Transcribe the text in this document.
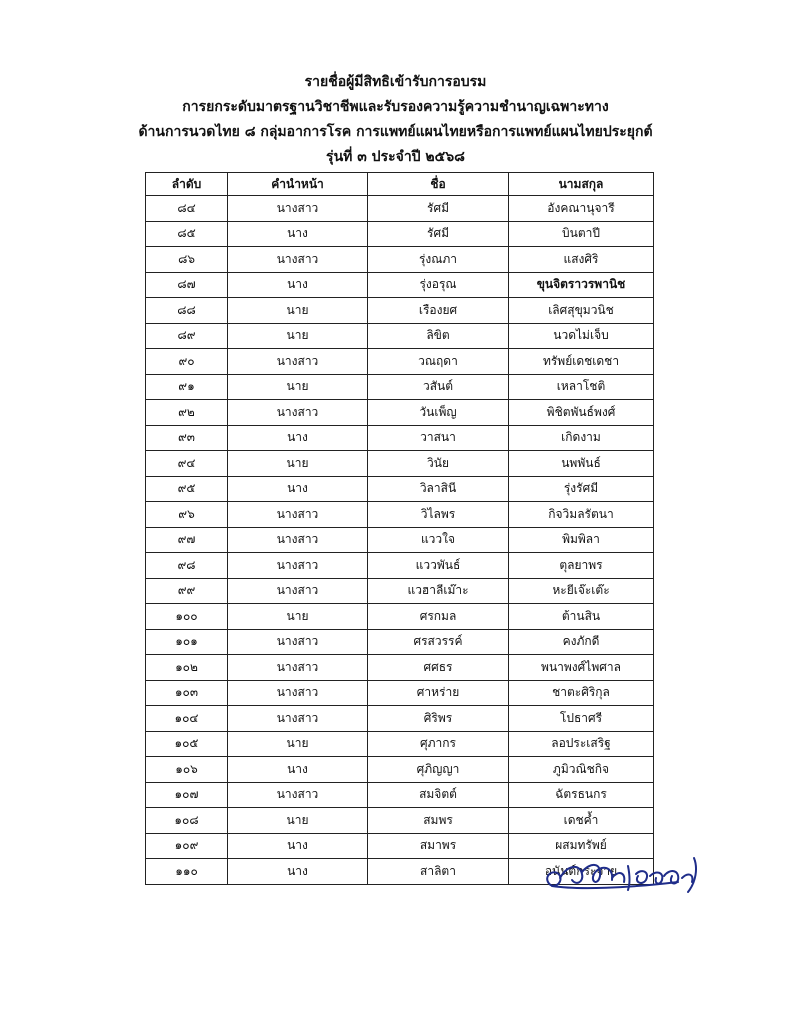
รายชื่อผู้มีสิทธิเข้ารับการอบรม
การยกระดับมาตรฐานวิชาชีพและรับรองความรู้ความชำนาญเฉพาะทาง
ด้านการนวดไทย ๘ กลุ่มอาการโรค การแพทย์แผนไทยหรือการแพทย์แผนไทยประยุกต์
รุ่นที่ ๓ ประจำปี ๒๕๖๘
ลำดับ	คำนำหน้า	ชื่อ	นามสกุล
๘๔	นางสาว	รัศมี	อังคณานุจารี
๘๕	นาง	รัศมี	บินตาปี
๘๖	นางสาว	รุ่งณภา	แสงศิริ
๘๗	นาง	รุ่งอรุณ	ขุนจิตราวรพานิช
๘๘	นาย	เรืองยศ	เลิศสุขุมวนิช
๘๙	นาย	ลิขิต	นวดไม่เจ็บ
๙๐	นางสาว	วณฤดา	ทรัพย์เดชเดชา
๙๑	นาย	วสันต์	เหลาโชติ
๙๒	นางสาว	วันเพ็ญ	พิชิตพันธ์พงศ์
๙๓	นาง	วาสนา	เกิดงาม
๙๔	นาย	วินัย	นพพันธ์
๙๕	นาง	วิลาสินี	รุ่งรัศมี
๙๖	นางสาว	วิไลพร	กิจวิมลรัตนา
๙๗	นางสาว	แววใจ	พิมพิลา
๙๘	นางสาว	แววพันธ์	ตุลยาพร
๙๙	นางสาว	แวฮาลีเม๊าะ	หะยีเจ๊ะเต๊ะ
๑๐๐	นาย	ศรกมล	ต้านสิน
๑๐๑	นางสาว	ศรสวรรค์	คงภักดี
๑๐๒	นางสาว	ศศธร	พนาพงศ์ไพศาล
๑๐๓	นางสาว	ศาหร่าย	ชาตะศิริกุล
๑๐๔	นางสาว	ศิริพร	โปธาศรี
๑๐๕	นาย	ศุภากร	ลอประเสริฐ
๑๐๖	นาง	ศุภิญญา	ภูมิวณิชกิจ
๑๐๗	นางสาว	สมจิตต์	ฉัตรธนกร
๑๐๘	นาย	สมพร	เดชค้ำ
๑๐๙	นาง	สมาพร	ผสมทรัพย์
๑๑๐	นาง	สาลิตา	อนันต์กระจาย
